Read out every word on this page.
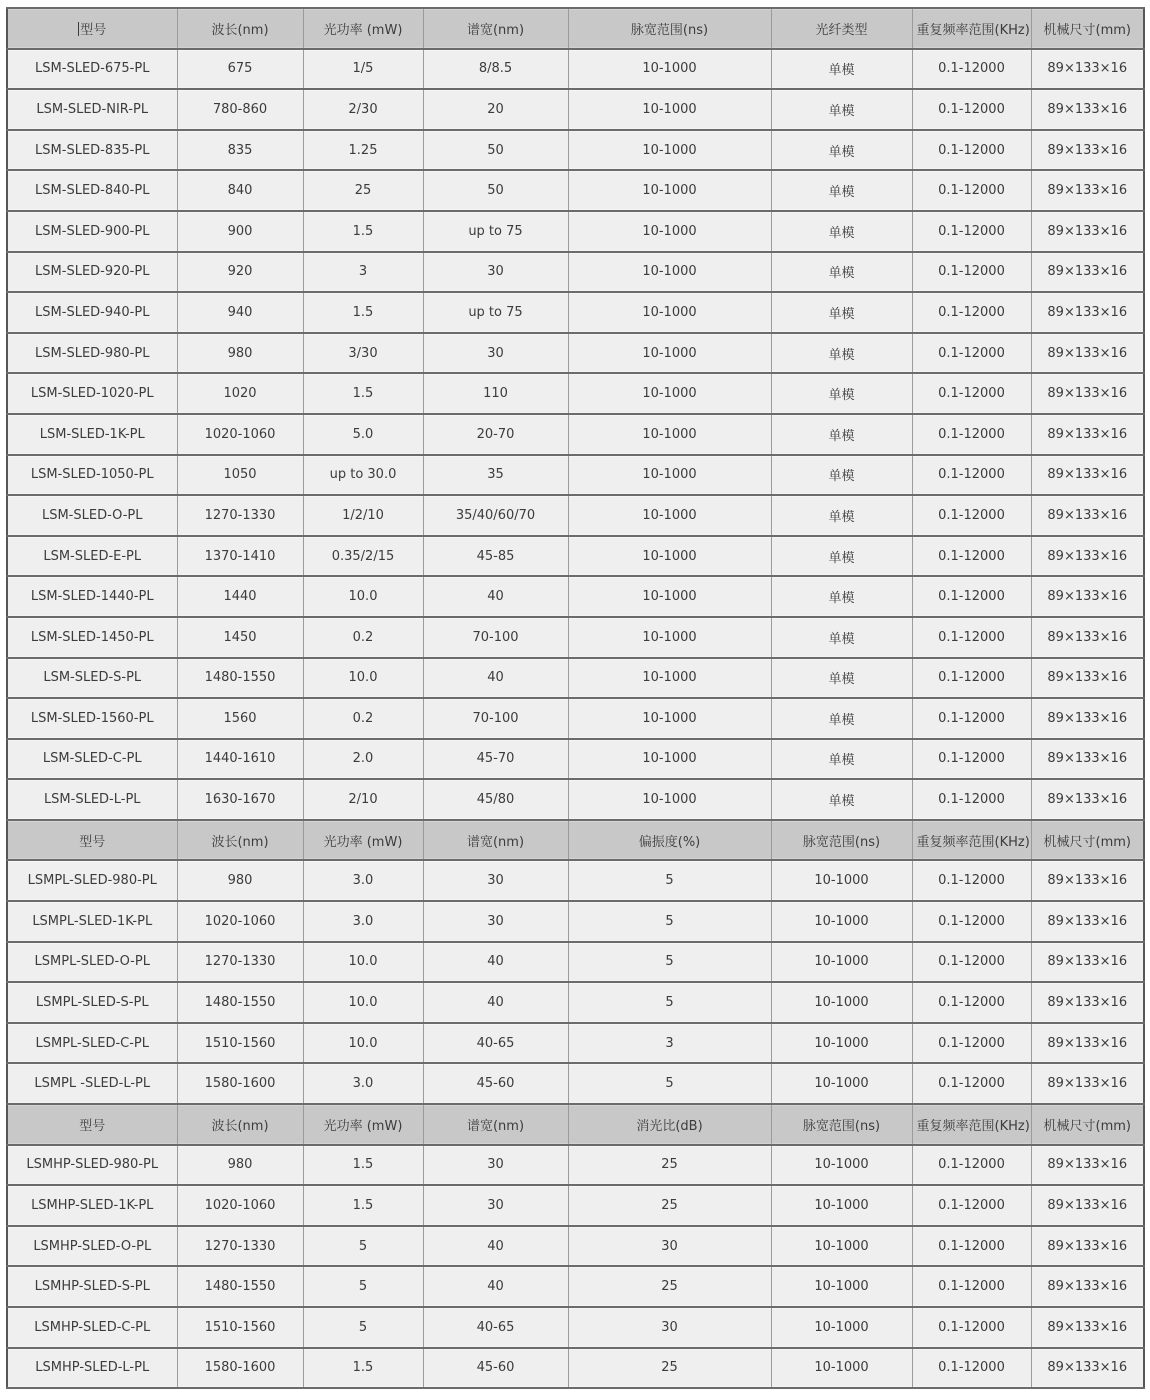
型号	波长(nm)	光功率 (mW)	谱宽(nm)	脉宽范围(ns)	光纤类型	重复频率范围(KHz)	机械尺寸(mm)
LSM-SLED-675-PL	675	1/5	8/8.5	10-1000	单模	0.1-12000	89×133×16
LSM-SLED-NIR-PL	780-860	2/30	20	10-1000	单模	0.1-12000	89×133×16
LSM-SLED-835-PL	835	1.25	50	10-1000	单模	0.1-12000	89×133×16
LSM-SLED-840-PL	840	25	50	10-1000	单模	0.1-12000	89×133×16
LSM-SLED-900-PL	900	1.5	up to 75	10-1000	单模	0.1-12000	89×133×16
LSM-SLED-920-PL	920	3	30	10-1000	单模	0.1-12000	89×133×16
LSM-SLED-940-PL	940	1.5	up to 75	10-1000	单模	0.1-12000	89×133×16
LSM-SLED-980-PL	980	3/30	30	10-1000	单模	0.1-12000	89×133×16
LSM-SLED-1020-PL	1020	1.5	110	10-1000	单模	0.1-12000	89×133×16
LSM-SLED-1K-PL	1020-1060	5.0	20-70	10-1000	单模	0.1-12000	89×133×16
LSM-SLED-1050-PL	1050	up to 30.0	35	10-1000	单模	0.1-12000	89×133×16
LSM-SLED-O-PL	1270-1330	1/2/10	35/40/60/70	10-1000	单模	0.1-12000	89×133×16
LSM-SLED-E-PL	1370-1410	0.35/2/15	45-85	10-1000	单模	0.1-12000	89×133×16
LSM-SLED-1440-PL	1440	10.0	40	10-1000	单模	0.1-12000	89×133×16
LSM-SLED-1450-PL	1450	0.2	70-100	10-1000	单模	0.1-12000	89×133×16
LSM-SLED-S-PL	1480-1550	10.0	40	10-1000	单模	0.1-12000	89×133×16
LSM-SLED-1560-PL	1560	0.2	70-100	10-1000	单模	0.1-12000	89×133×16
LSM-SLED-C-PL	1440-1610	2.0	45-70	10-1000	单模	0.1-12000	89×133×16
LSM-SLED-L-PL	1630-1670	2/10	45/80	10-1000	单模	0.1-12000	89×133×16
型号	波长(nm)	光功率 (mW)	谱宽(nm)	偏振度(%)	脉宽范围(ns)	重复频率范围(KHz)	机械尺寸(mm)
LSMPL-SLED-980-PL	980	3.0	30	5	10-1000	0.1-12000	89×133×16
LSMPL-SLED-1K-PL	1020-1060	3.0	30	5	10-1000	0.1-12000	89×133×16
LSMPL-SLED-O-PL	1270-1330	10.0	40	5	10-1000	0.1-12000	89×133×16
LSMPL-SLED-S-PL	1480-1550	10.0	40	5	10-1000	0.1-12000	89×133×16
LSMPL-SLED-C-PL	1510-1560	10.0	40-65	3	10-1000	0.1-12000	89×133×16
LSMPL -SLED-L-PL	1580-1600	3.0	45-60	5	10-1000	0.1-12000	89×133×16
型号	波长(nm)	光功率 (mW)	谱宽(nm)	消光比(dB)	脉宽范围(ns)	重复频率范围(KHz)	机械尺寸(mm)
LSMHP-SLED-980-PL	980	1.5	30	25	10-1000	0.1-12000	89×133×16
LSMHP-SLED-1K-PL	1020-1060	1.5	30	25	10-1000	0.1-12000	89×133×16
LSMHP-SLED-O-PL	1270-1330	5	40	30	10-1000	0.1-12000	89×133×16
LSMHP-SLED-S-PL	1480-1550	5	40	25	10-1000	0.1-12000	89×133×16
LSMHP-SLED-C-PL	1510-1560	5	40-65	30	10-1000	0.1-12000	89×133×16
LSMHP-SLED-L-PL	1580-1600	1.5	45-60	25	10-1000	0.1-12000	89×133×16
